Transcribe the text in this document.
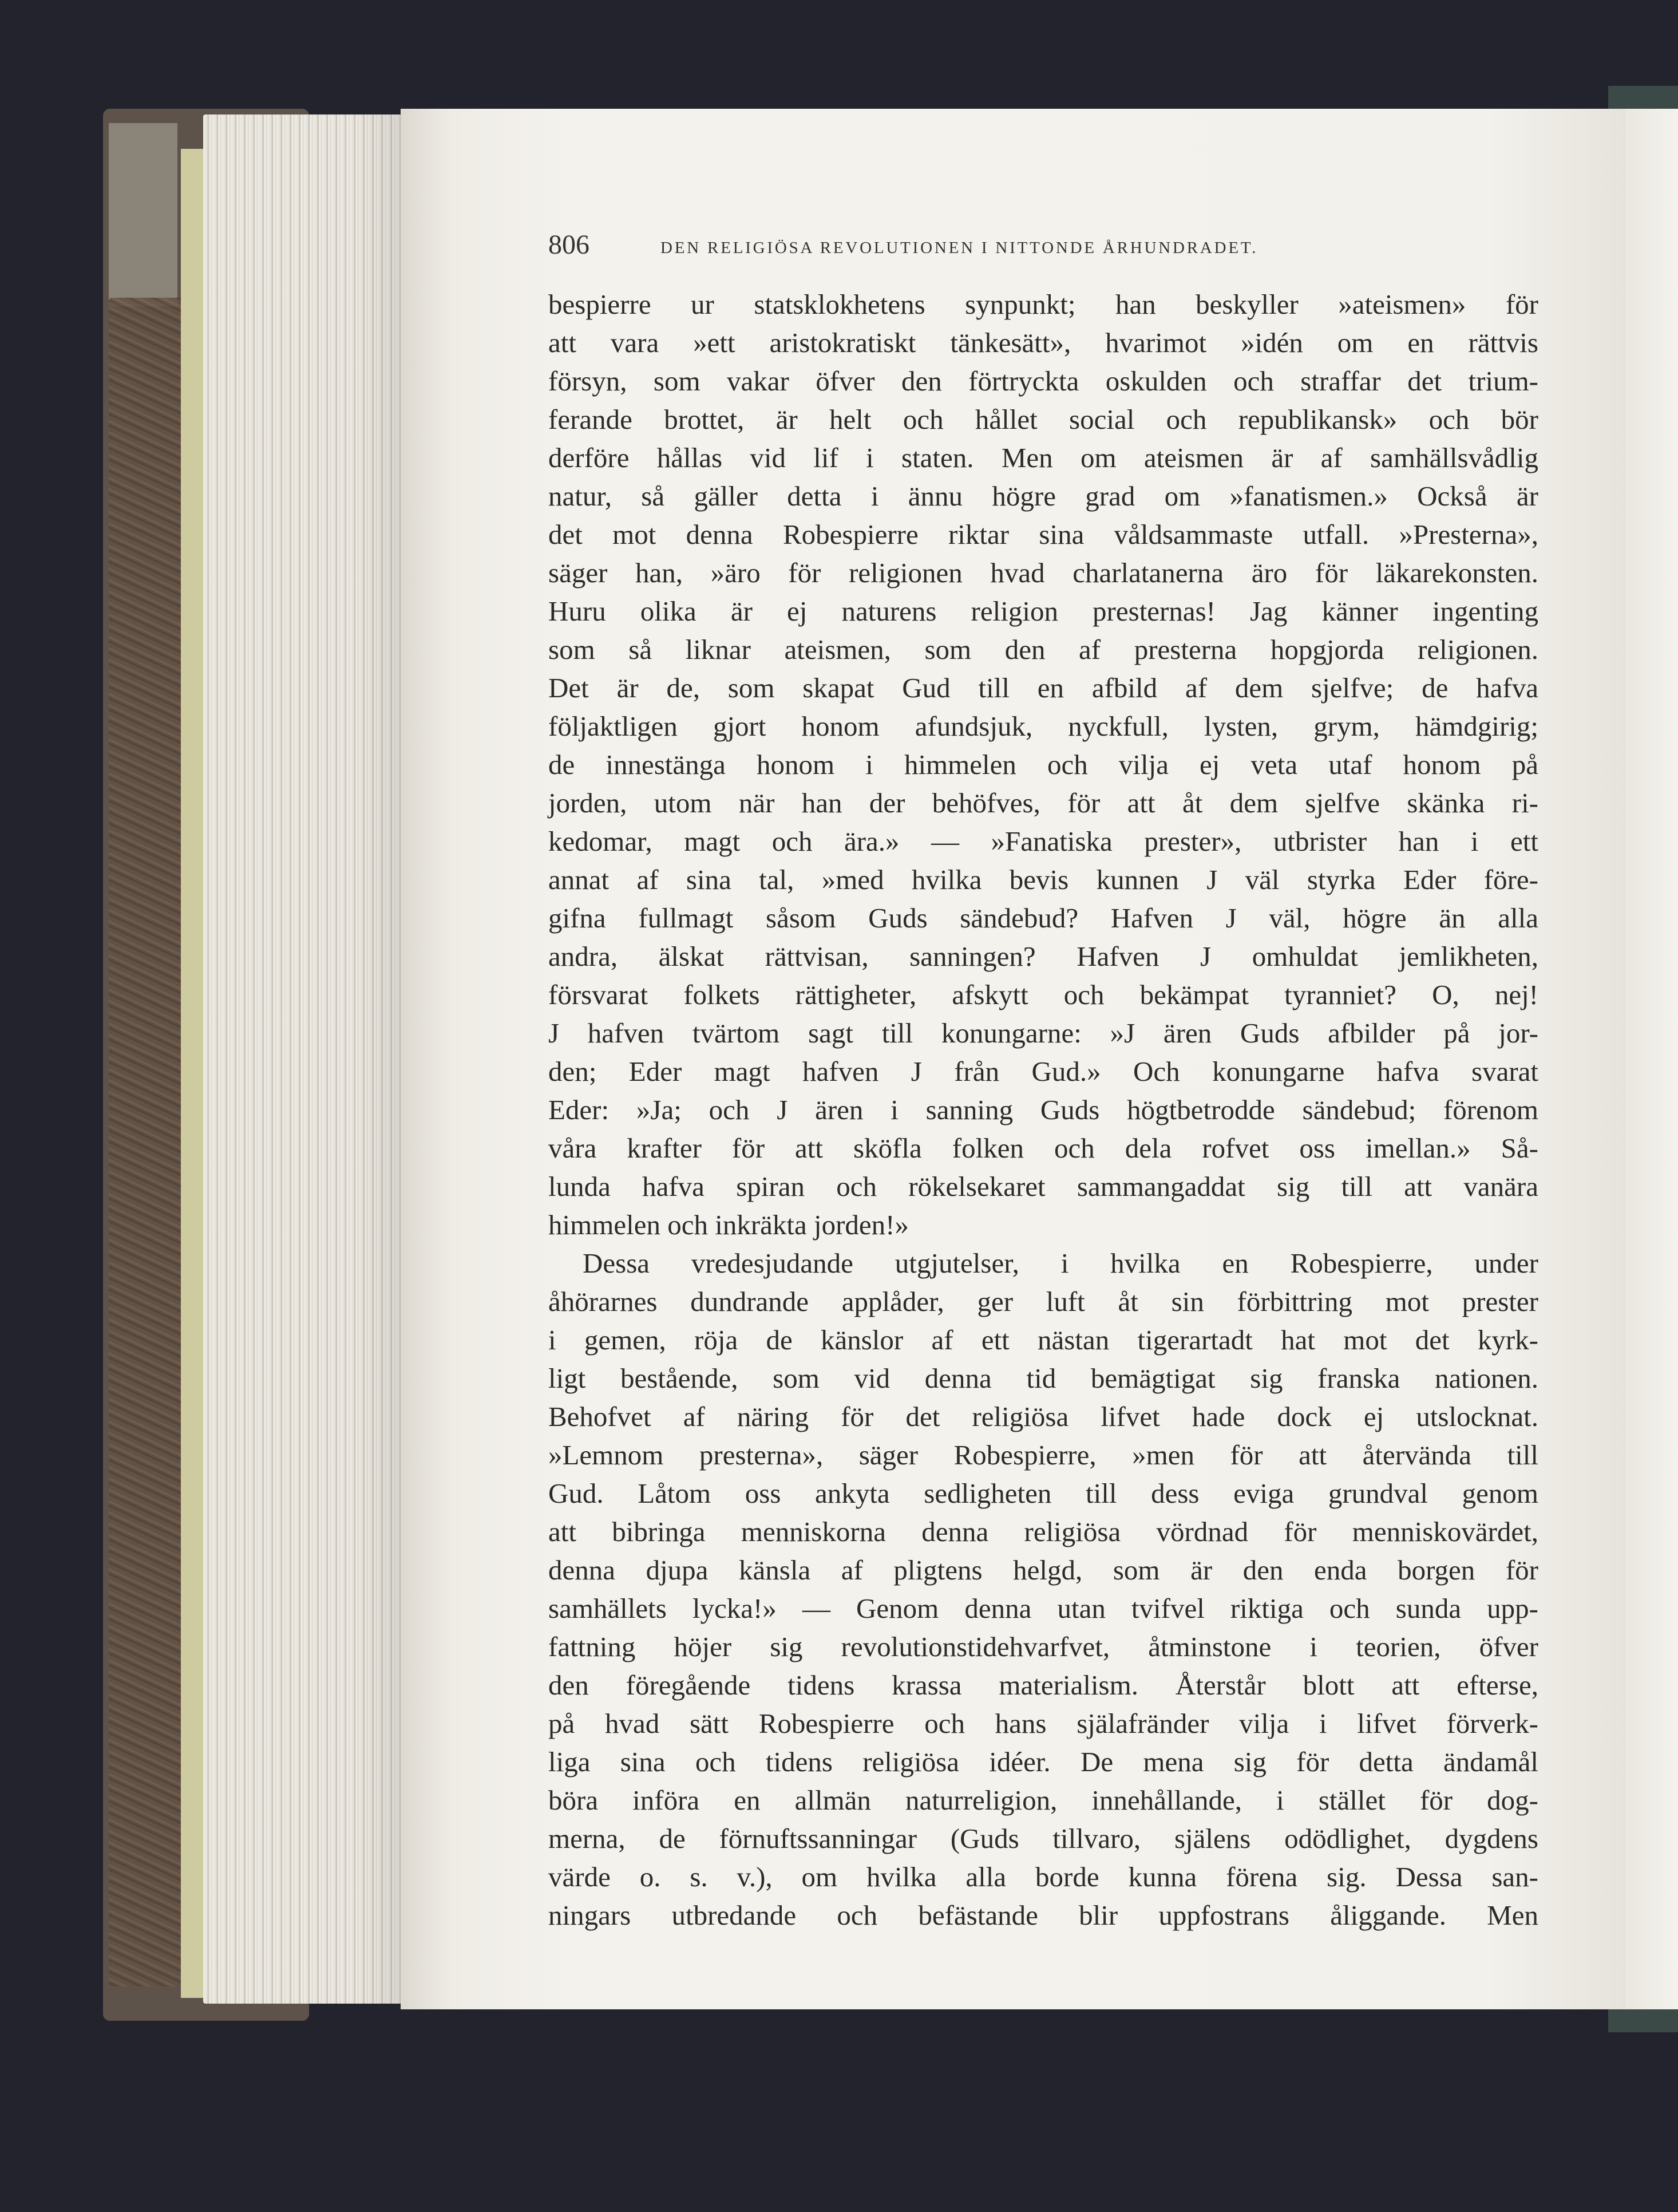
806	DEN RELIGIÖSA REVOLUTIONEN I NITTONDE ÅRHUNDRADET.
bespierre ur statsklokhetens synpunkt; han beskyller »ateismen» för
att vara »ett aristokratiskt tänkesätt», hvarimot »idén om en rättvis
försyn, som vakar öfver den förtryckta oskulden och straffar det trium-
ferande brottet, är helt och hållet social och republikansk» och bör
derföre hållas vid lif i staten. Men om ateismen är af samhällsvådlig
natur, så gäller detta i ännu högre grad om »fanatismen.» Också är
det mot denna Robespierre riktar sina våldsammaste utfall. »Presterna»,
säger han, »äro för religionen hvad charlatanerna äro för läkarekonsten.
Huru olika är ej naturens religion presternas! Jag känner ingenting
som så liknar ateismen, som den af presterna hopgjorda religionen.
Det är de, som skapat Gud till en afbild af dem sjelfve; de hafva
följaktligen gjort honom afundsjuk, nyckfull, lysten, grym, hämdgirig;
de innestänga honom i himmelen och vilja ej veta utaf honom på
jorden, utom när han der behöfves, för att åt dem sjelfve skänka ri-
kedomar, magt och ära.» — »Fanatiska prester», utbrister han i ett
annat af sina tal, »med hvilka bevis kunnen J väl styrka Eder före-
gifna fullmagt såsom Guds sändebud? Hafven J väl, högre än alla
andra, älskat rättvisan, sanningen? Hafven J omhuldat jemlikheten,
försvarat folkets rättigheter, afskytt och bekämpat tyranniet? O, nej!
J hafven tvärtom sagt till konungarne: »J ären Guds afbilder på jor-
den; Eder magt hafven J från Gud.» Och konungarne hafva svarat
Eder: »Ja; och J ären i sanning Guds högtbetrodde sändebud; förenom
våra krafter för att sköfla folken och dela rofvet oss imellan.» Så-
lunda hafva spiran och rökelsekaret sammangaddat sig till att vanära
himmelen och inkräkta jorden!»
Dessa vredesjudande utgjutelser, i hvilka en Robespierre, under
åhörarnes dundrande applåder, ger luft åt sin förbittring mot prester
i gemen, röja de känslor af ett nästan tigerartadt hat mot det kyrk-
ligt bestående, som vid denna tid bemägtigat sig franska nationen.
Behofvet af näring för det religiösa lifvet hade dock ej utslocknat.
»Lemnom presterna», säger Robespierre, »men för att återvända till
Gud. Låtom oss ankyta sedligheten till dess eviga grundval genom
att bibringa menniskorna denna religiösa vördnad för menniskovärdet,
denna djupa känsla af pligtens helgd, som är den enda borgen för
samhällets lycka!» — Genom denna utan tvifvel riktiga och sunda upp-
fattning höjer sig revolutionstidehvarfvet, åtminstone i teorien, öfver
den föregående tidens krassa materialism. Återstår blott att efterse,
på hvad sätt Robespierre och hans själafränder vilja i lifvet förverk-
liga sina och tidens religiösa idéer. De mena sig för detta ändamål
böra införa en allmän naturreligion, innehållande, i stället för dog-
merna, de förnuftssanningar (Guds tillvaro, själens odödlighet, dygdens
värde o. s. v.), om hvilka alla borde kunna förena sig. Dessa san-
ningars utbredande och befästande blir uppfostrans åliggande. Men
